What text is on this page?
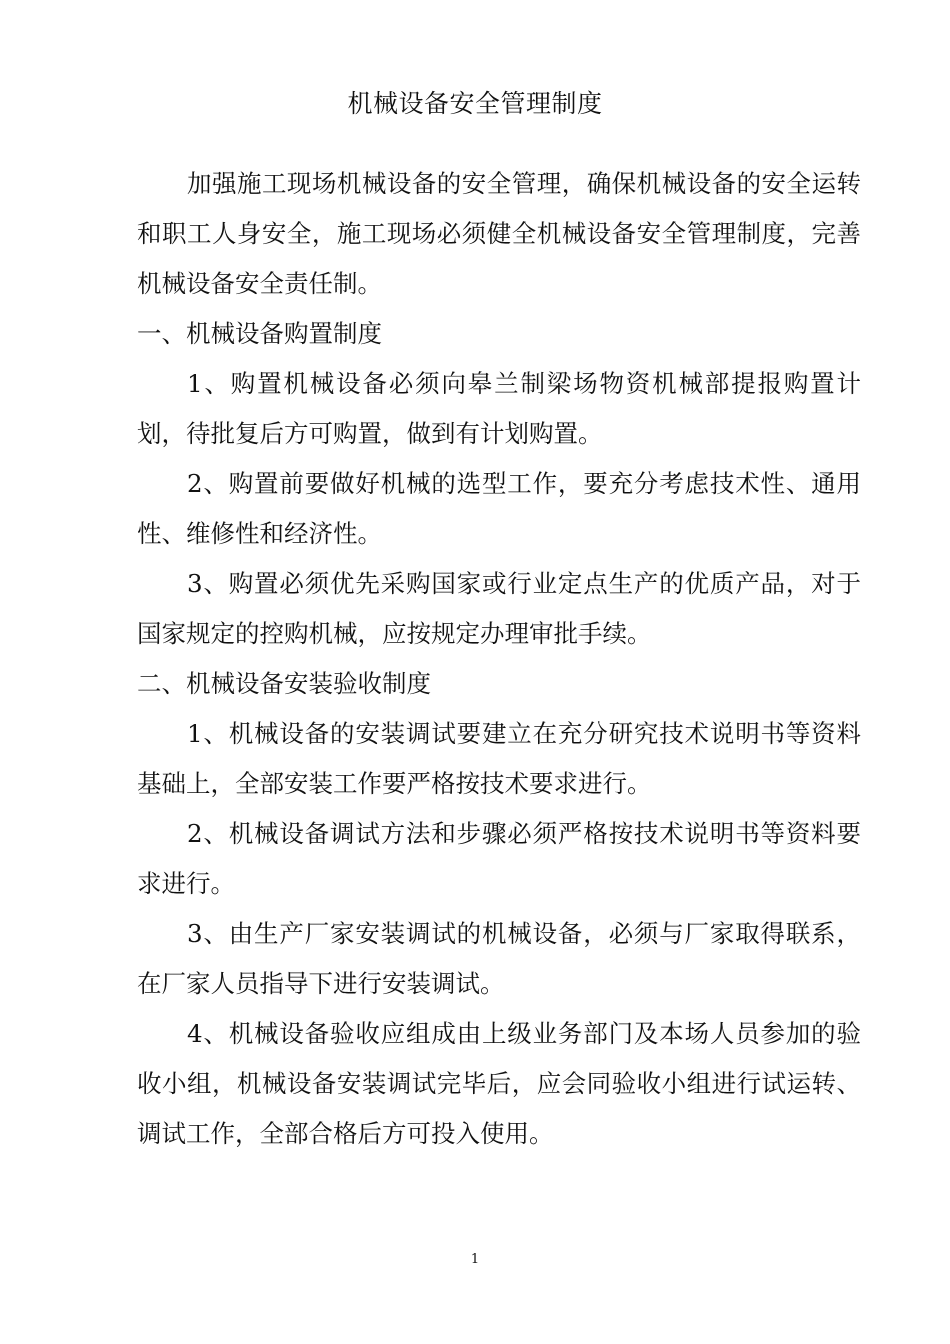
机械设备安全管理制度

加强施工现场机械设备的安全管理，确保机械设备的安全运转和职工人身安全，施工现场必须健全机械设备安全管理制度，完善机械设备安全责任制。

一、机械设备购置制度

1、购置机械设备必须向皋兰制梁场物资机械部提报购置计划，待批复后方可购置，做到有计划购置。

2、购置前要做好机械的选型工作，要充分考虑技术性、通用性、维修性和经济性。

3、购置必须优先采购国家或行业定点生产的优质产品，对于国家规定的控购机械，应按规定办理审批手续。

二、机械设备安装验收制度

1、机械设备的安装调试要建立在充分研究技术说明书等资料基础上，全部安装工作要严格按技术要求进行。

2、机械设备调试方法和步骤必须严格按技术说明书等资料要求进行。

3、由生产厂家安装调试的机械设备，必须与厂家取得联系，在厂家人员指导下进行安装调试。

4、机械设备验收应组成由上级业务部门及本场人员参加的验收小组，机械设备安装调试完毕后，应会同验收小组进行试运转、调试工作，全部合格后方可投入使用。

1
